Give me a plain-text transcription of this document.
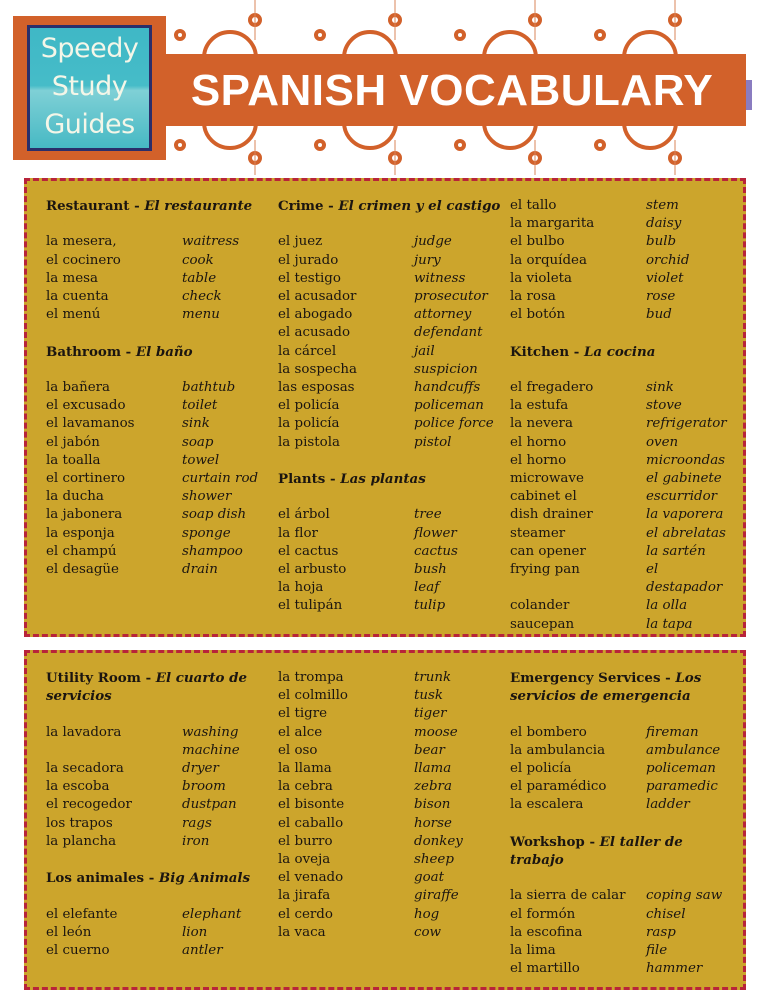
Speedy
Study
Guides
SPANISH VOCABULARY
Restaurant - El restaurante
la mesera,	waitress
el cocinero	cook
la mesa	table
la cuenta	check
el menú	menu
Bathroom - El baño
la bañera	bathtub
el excusado	toilet
el lavamanos	sink
el jabón	soap
la toalla	towel
el cortinero	curtain rod
la ducha	shower
la jabonera	soap dish
la esponja	sponge
el champú	shampoo
el desagüe	drain
Crime - El crimen y el castigo
el juez	judge
el jurado	jury
el testigo	witness
el acusador	prosecutor
el abogado	attorney
el acusado	defendant
la cárcel	jail
la sospecha	suspicion
las esposas	handcuffs
el policía	policeman
la policía	police force
la pistola	pistol
Plants - Las plantas
el árbol	tree
la flor	flower
el cactus	cactus
el arbusto	bush
la hoja	leaf
el tulipán	tulip
el tallo	stem
la margarita	daisy
el bulbo	bulb
la orquídea	orchid
la violeta	violet
la rosa	rose
el botón	bud
Kitchen - La cocina
el fregadero	sink
la estufa	stove
la nevera	refrigerator
el horno	oven
el horno	microondas
microwave	el gabinete
cabinet el	escurridor
dish drainer	la vaporera
steamer	el abrelatas
can opener	la sartén
frying pan	el destapador
colander	la olla
saucepan	la tapa
Utility Room - El cuarto de servicios
la lavadora	washing machine
la secadora	dryer
la escoba	broom
el recogedor	dustpan
los trapos	rags
la plancha	iron
Los animales - Big Animals
el elefante	elephant
el león	lion
el cuerno	antler
la trompa	trunk
el colmillo	tusk
el tigre	tiger
el alce	moose
el oso	bear
la llama	llama
la cebra	zebra
el bisonte	bison
el caballo	horse
el burro	donkey
la oveja	sheep
el venado	goat
la jirafa	giraffe
el cerdo	hog
la vaca	cow
Emergency Services - Los servicios de emergencia
el bombero	fireman
la ambulancia	ambulance
el policía	policeman
el paramédico	paramedic
la escalera	ladder
Workshop - El taller de trabajo
la sierra de calar	coping saw
el formón	chisel
la escofina	rasp
la lima	file
el martillo	hammer
